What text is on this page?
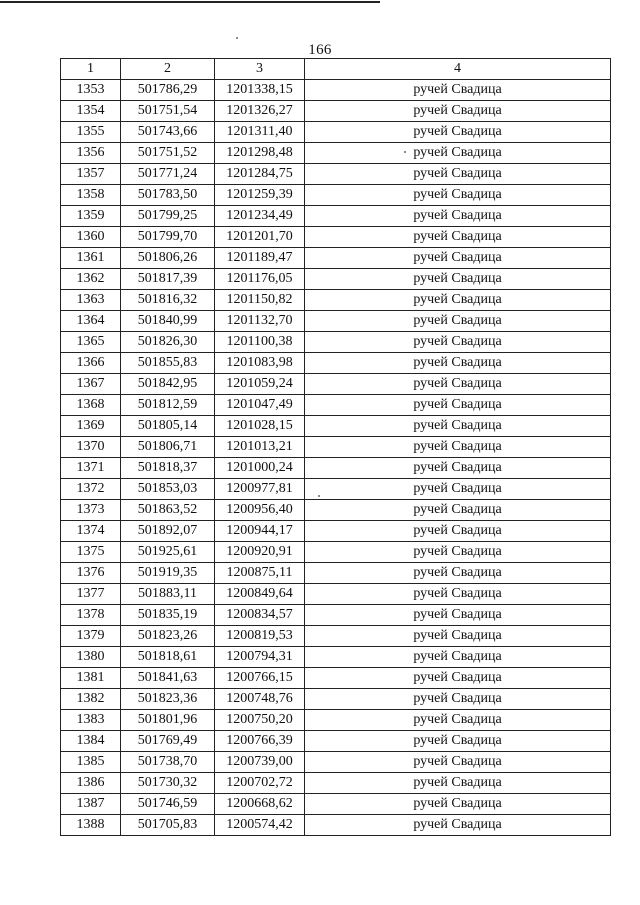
166
1	2	3	4
1353	501786,29	1201338,15	ручей Свадица
1354	501751,54	1201326,27	ручей Свадица
1355	501743,66	1201311,40	ручей Свадица
1356	501751,52	1201298,48	ручей Свадица
1357	501771,24	1201284,75	ручей Свадица
1358	501783,50	1201259,39	ручей Свадица
1359	501799,25	1201234,49	ручей Свадица
1360	501799,70	1201201,70	ручей Свадица
1361	501806,26	1201189,47	ручей Свадица
1362	501817,39	1201176,05	ручей Свадица
1363	501816,32	1201150,82	ручей Свадица
1364	501840,99	1201132,70	ручей Свадица
1365	501826,30	1201100,38	ручей Свадица
1366	501855,83	1201083,98	ручей Свадица
1367	501842,95	1201059,24	ручей Свадица
1368	501812,59	1201047,49	ручей Свадица
1369	501805,14	1201028,15	ручей Свадица
1370	501806,71	1201013,21	ручей Свадица
1371	501818,37	1201000,24	ручей Свадица
1372	501853,03	1200977,81	ручей Свадица
1373	501863,52	1200956,40	ручей Свадица
1374	501892,07	1200944,17	ручей Свадица
1375	501925,61	1200920,91	ручей Свадица
1376	501919,35	1200875,11	ручей Свадица
1377	501883,11	1200849,64	ручей Свадица
1378	501835,19	1200834,57	ручей Свадица
1379	501823,26	1200819,53	ручей Свадица
1380	501818,61	1200794,31	ручей Свадица
1381	501841,63	1200766,15	ручей Свадица
1382	501823,36	1200748,76	ручей Свадица
1383	501801,96	1200750,20	ручей Свадица
1384	501769,49	1200766,39	ручей Свадица
1385	501738,70	1200739,00	ручей Свадица
1386	501730,32	1200702,72	ручей Свадица
1387	501746,59	1200668,62	ручей Свадица
1388	501705,83	1200574,42	ручей Свадица
